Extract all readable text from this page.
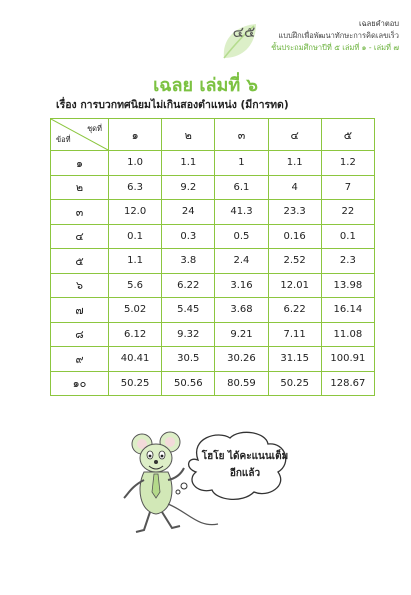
๔๕	เฉลยคำตอบ
แบบฝึกเพื่อพัฒนาทักษะการคิดเลขเร็ว
ชั้นประถมศึกษาปีที่ ๕ เล่มที่ ๑ - เล่มที่ ๗
เฉลย เล่มที่ ๖
เรื่อง การบวกทศนิยมไม่เกินสองตำแหน่ง (มีการทด)
ชุดที่
ข้อที่	๑	๒	๓	๔	๕
๑	1.0	1.1	1	1.1	1.2
๒	6.3	9.2	6.1	4	7
๓	12.0	24	41.3	23.3	22
๔	0.1	0.3	0.5	0.16	0.1
๕	1.1	3.8	2.4	2.52	2.3
๖	5.6	6.22	3.16	12.01	13.98
๗	5.02	5.45	3.68	6.22	16.14
๘	6.12	9.32	9.21	7.11	11.08
๙	40.41	30.5	30.26	31.15	100.91
๑๐	50.25	50.56	80.59	50.25	128.67
โฮโย ได้คะแนนเต็ม
อีกแล้ว
